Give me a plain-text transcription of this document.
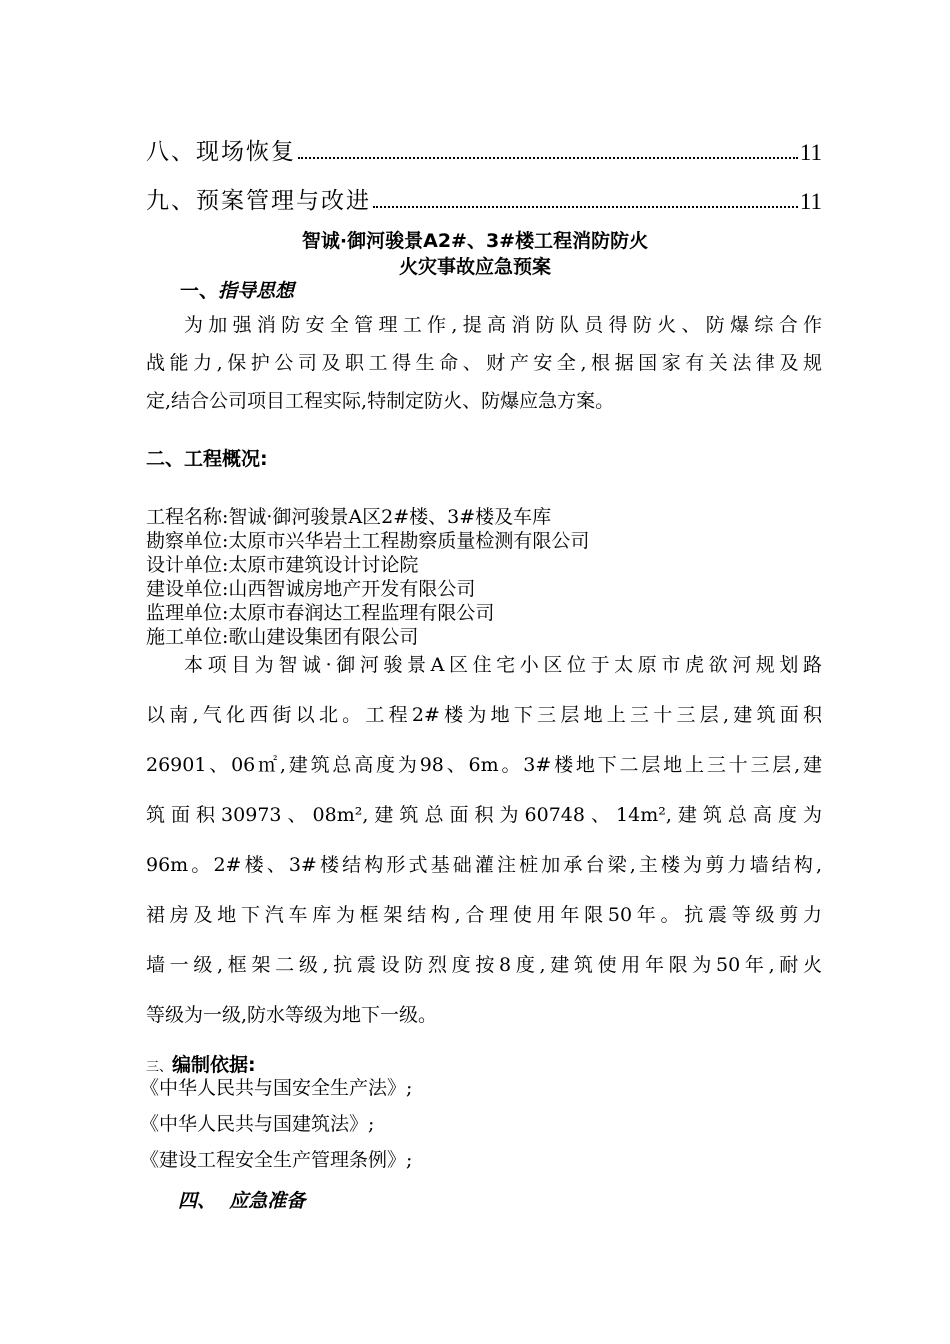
八、现场恢复	11
九、预案管理与改进	11
智诚·御河骏景A2#、3#楼工程消防防火
火灾事故应急预案
一、指导思想
为加强消防安全管理工作,提高消防队员得防火、防爆综合作
战能力,保护公司及职工得生命、财产安全,根据国家有关法律及规
定,结合公司项目工程实际,特制定防火、防爆应急方案。
二、工程概况:
工程名称:智诚·御河骏景A区2#楼、3#楼及车库
勘察单位:太原市兴华岩土工程勘察质量检测有限公司
设计单位:太原市建筑设计讨论院
建设单位:山西智诚房地产开发有限公司
监理单位:太原市春润达工程监理有限公司
施工单位:歌山建设集团有限公司
本项目为智诚·御河骏景A区住宅小区位于太原市虎欲河规划路
以南,气化西街以北。工程2#楼为地下三层地上三十三层,建筑面积
26901、06㎡,建筑总高度为98、6m。3#楼地下二层地上三十三层,建
筑面积30973、08m²,建筑总面积为60748、14m²,建筑总高度为
96m。2#楼、3#楼结构形式基础灌注桩加承台梁,主楼为剪力墙结构,
裙房及地下汽车库为框架结构,合理使用年限50年。抗震等级剪力
墙一级,框架二级,抗震设防烈度按8度,建筑使用年限为50年,耐火
等级为一级,防水等级为地下一级。
三、编制依据:
《中华人民共与国安全生产法》;
《中华人民共与国建筑法》;
《建设工程安全生产管理条例》;
四、  应急准备
